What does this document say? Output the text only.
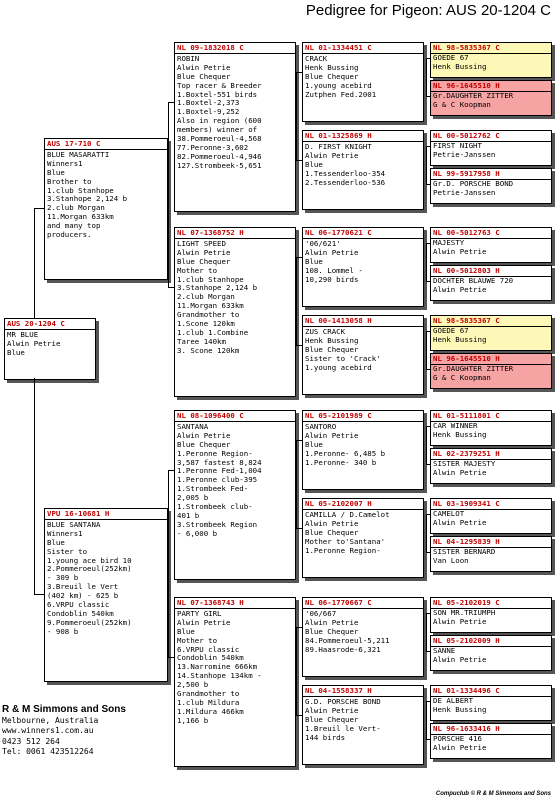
Pedigree for Pigeon: AUS 20-1204 C
AUS 20-1204 C
MR BLUE
Alwin Petrie
Blue
AUS 17-710 C
BLUE MASARATTI
Winners1
Blue
Brother to
1.club Stanhope
3.Stanhope 2,124 b
2.club Morgan
11.Morgan 633km
and many top
producers.
VPU 16-10681 H
BLUE SANTANA
Winners1
Blue
Sister to
1.young ace bird 10
2.Pommeroeul(252km)
- 309 b
3.Breuil le Vert
(402 km) - 625 b
6.VRPU classic
Condoblin 540km
9.Pommeroeul(252km)
- 908 b
NL 09-1832018 C
ROBIN
Alwin Petrie
Blue Chequer
Top racer & Breeder
1.Boxtel-551 birds
1.Boxtel-2,373
1.Boxtel-9,252
Also in region (600
members) winner of
38.Pommeroeul-4,568
77.Peronne-3,602
82.Pommeroeul-4,946
127.Strombeek-5,651
NL 07-1368752 H
LIGHT SPEED
Alwin Petrie
Blue Chequer
Mother to
1.club Stanhope
3.Stanhope 2,124 b
2.club Morgan
11.Morgan 633km
Grandmother to
1.Scone 120km
1.club 1.Combine
Taree 140km
3. Scone 120km
NL 08-1096400 C
SANTANA
Alwin Petrie
Blue Chequer
1.Peronne Region-
3,587 fastest 8,824
1.Peronne Fed-1,004
1.Peronne club-395
1.Strombeek Fed-
2,005 b
1.Strombeek club-
401 b
3.Strombeek Region
- 6,000 b
NL 07-1368743 H
PARTY GIRL
Alwin Petrie
Blue
Mother to
6.VRPU classic
Condoblin 540km
13.Narromine 666km
14.Stanhope 134km -
2,500 b
Grandmother to
1.club Mildura
1.Mildura 466km
1,166 b
NL 01-1334451 C
CRACK
Henk Bussing
Blue Chequer
1.young acebird
Zutphen Fed.2001
NL 01-1325869 H
D. FIRST KNIGHT
Alwin Petrie
Blue
1.Tessenderloo-354
2.Tessenderloo-536
NL 06-1770621 C
'06/621'
Alwin Petrie
Blue
108. Lommel -
10,290 birds
NL 00-1413058 H
ZUS CRACK
Henk Bussing
Blue Chequer
Sister to 'Crack'
1.young acebird
NL 05-2101989 C
SANTORO
Alwin Petrie
Blue
1.Peronne- 6,485 b
1.Peronne- 340 b
NL 05-2102007 H
CAMILLA / D.Camelot
Alwin Petrie
Blue Chequer
Mother to'Santana'
1.Peronne Region-
NL 06-1770667 C
'06/667
Alwin Petrie
Blue Chequer
84.Pommeroeul-5,211
89.Haasrode-6,321
NL 04-1558337 H
G.D. PORSCHE BOND
Alwin Petrie
Blue Chequer
1.Breuil le Vert-
144 birds
NL 98-5835367 C
GOEDE 67
Henk Bussing
NL 96-1645510 H
Gr.DAUGHTER ZITTER
G & C Koopman
NL 00-5012762 C
FIRST NIGHT
Petrie-Janssen
NL 99-5917958 H
Gr.D. PORSCHE BOND
Petrie-Janssen
NL 00-5012763 C
MAJESTY
Alwin Petrie
NL 00-5012803 H
DOCHTER BLAUWE 720
Alwin Petrie
NL 98-5835367 C
GOEDE 67
Henk Bussing
NL 96-1645510 H
Gr.DAUGHTER ZITTER
G & C Koopman
NL 01-5111801 C
CAR WINNER
Henk Bussing
NL 02-2379251 H
SISTER MAJESTY
Alwin Petrie
NL 03-1909341 C
CAMELOT
Alwin Petrie
NL 04-1295839 H
SISTER BERNARD
Van Loon
NL 05-2102019 C
SON MR.TRIUMPH
Alwin Petrie
NL 05-2102009 H
SANNE
Alwin Petrie
NL 01-1334496 C
DE ALBERT
Henk Bussing
NL 96-1633416 H
PORSCHE 416
Alwin Petrie
R & M Simmons and Sons
Melbourne, Australia
www.winners1.com.au
0423 512 264
Tel: 0061 423512264
Compuclub © R & M Simmons and Sons
